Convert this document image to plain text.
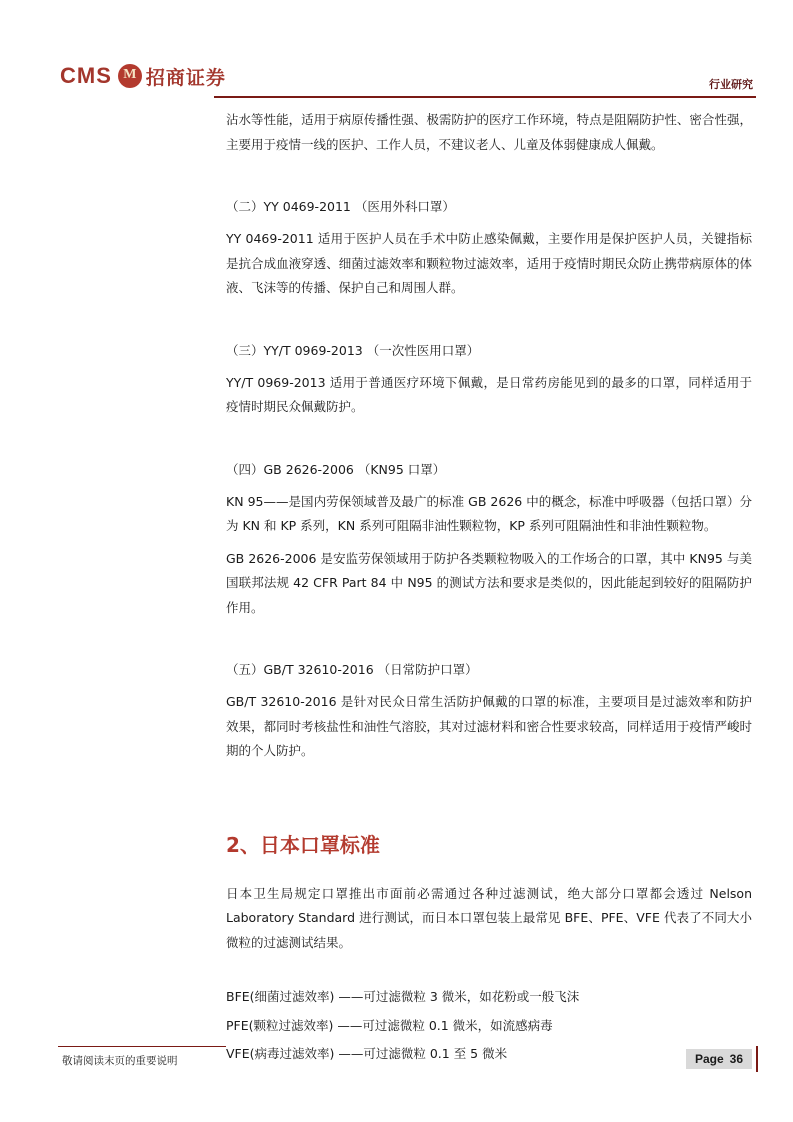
CMS
M 招商证券	行业研究

沾水等性能，适用于病原传播性强、极需防护的医疗工作环境，特点是阻隔防护性、密合性强，主要用于疫情一线的医护、工作人员，不建议老人、儿童及体弱健康成人佩戴。

（二）YY 0469-2011 （医用外科口罩）

YY 0469-2011 适用于医护人员在手术中防止感染佩戴，主要作用是保护医护人员，关键指标是抗合成血液穿透、细菌过滤效率和颗粒物过滤效率，适用于疫情时期民众防止携带病原体的体液、飞沫等的传播、保护自己和周围人群。

（三）YY/T 0969-2013 （一次性医用口罩）

YY/T 0969-2013 适用于普通医疗环境下佩戴，是日常药房能见到的最多的口罩，同样适用于疫情时期民众佩戴防护。

（四）GB 2626-2006 （KN95 口罩）

KN 95——是国内劳保领域普及最广的标准 GB 2626 中的概念，标准中呼吸器（包括口罩）分为 KN 和 KP 系列，KN 系列可阻隔非油性颗粒物，KP 系列可阻隔油性和非油性颗粒物。

GB 2626-2006 是安监劳保领域用于防护各类颗粒物吸入的工作场合的口罩，其中 KN95 与美国联邦法规 42 CFR Part 84 中 N95 的测试方法和要求是类似的，因此能起到较好的阻隔防护作用。

（五）GB/T 32610-2016 （日常防护口罩）

GB/T 32610-2016 是针对民众日常生活防护佩戴的口罩的标准，主要项目是过滤效率和防护效果，都同时考核盐性和油性气溶胶，其对过滤材料和密合性要求较高，同样适用于疫情严峻时期的个人防护。

2、日本口罩标准

日本卫生局规定口罩推出市面前必需通过各种过滤测试，绝大部分口罩都会透过 Nelson Laboratory Standard 进行测试，而日本口罩包装上最常见 BFE、PFE、VFE 代表了不同大小微粒的过滤测试结果。

BFE(细菌过滤效率) ——可过滤微粒 3 微米，如花粉或一般飞沫

PFE(颗粒过滤效率) ——可过滤微粒 0.1 微米，如流感病毒

VFE(病毒过滤效率) ——可过滤微粒 0.1 至 5 微米

敬请阅读末页的重要说明	Page 36
